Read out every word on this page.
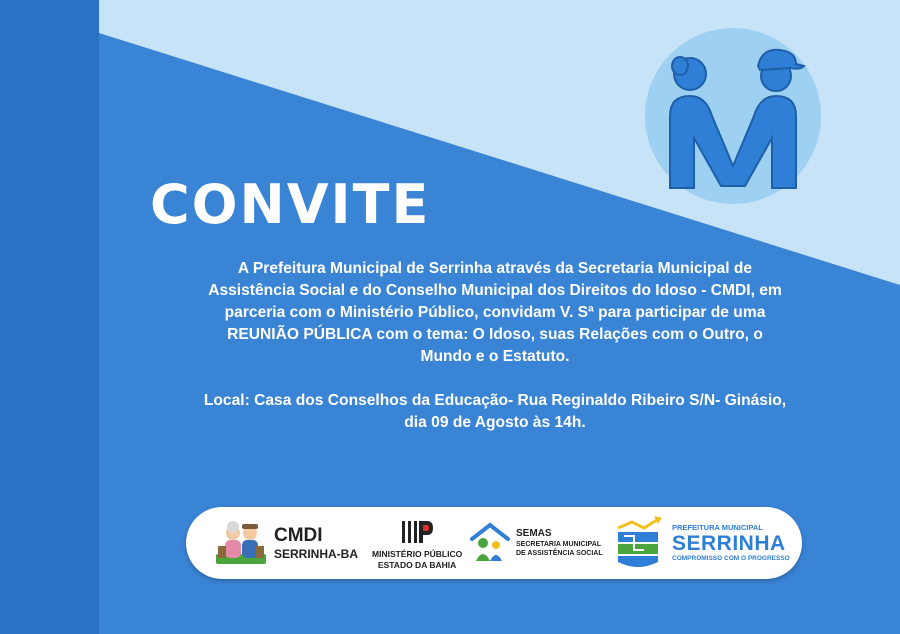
CONVITE

A Prefeitura Municipal de Serrinha através da Secretaria Municipal de

Assistência Social e do Conselho Municipal dos Direitos do Idoso - CMDI, em

parceria com o Ministério Público, convidam V. Sª para participar de uma

REUNIÃO PÚBLICA com o tema: O Idoso, suas Relações com o Outro, o

Mundo e o Estatuto.

Local: Casa dos Conselhos da Educação- Rua Reginaldo Ribeiro S/N- Ginásio,

dia 09 de Agosto às 14h.

CMDI
SERRINHA-BA MINISTÉRIO PÚBLICO
ESTADO DA BAHIA
SEMAS
SECRETARIA MUNICIPAL
DE ASSISTÊNCIA SOCIAL
PREFEITURA MUNICIPAL
SERRINHA
COMPROMISSO COM O PROGRESSO
